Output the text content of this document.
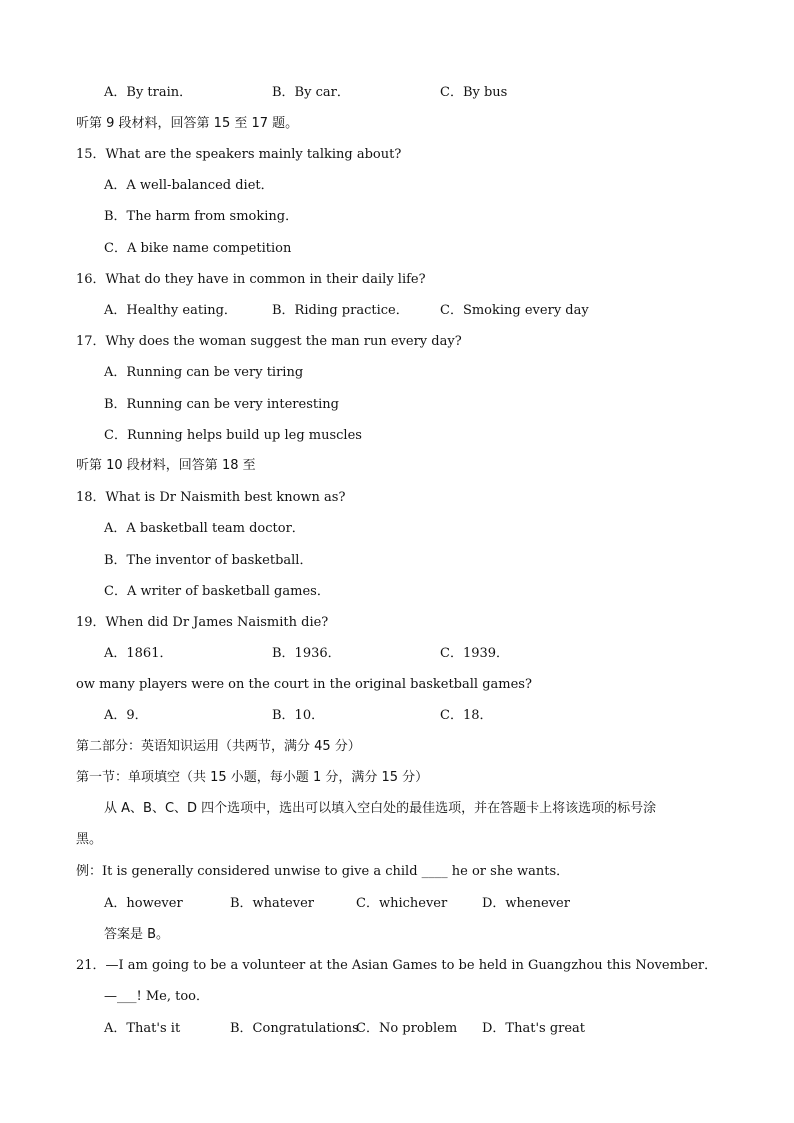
A．By train．	B．By car．	C．By bus
听第 9 段材料，回答第 15 至 17 题。
15．What are the speakers mainly talking about?
A．A well-balanced diet．
B．The harm from smoking．
C．A bike name competition
16．What do they have in common in their daily life?
A．Healthy eating．	B．Riding practice． C．Smoking every day
17．Why does the woman suggest the man run every day?
A．Running can be very tiring
B．Running can be very interesting
C．Running helps build up leg muscles
听第 10 段材料，回答第 18 至
18．What is Dr Naismith best known as?
A．A basketball team doctor．
B．The inventor of basketball．
C．A writer of basketball games．
19．When did Dr James Naismith die?
A．1861．	B．1936．	C．1939．
ow many players were on the court in the original basketball games?
A．9．	B．10．	C．18．
第二部分：英语知识运用（共两节，满分 45 分）
第一节：单项填空（共 15 小题，每小题 1 分，满分 15 分）
从 A、B、C、D 四个选项中，选出可以填入空白处的最佳选项，并在答题卡上将该选项的标号涂
黑。
例：It is generally considered unwise to give a child ____ he or she wants．
A．however	B．whatever	C．whichever	D．whenever
答案是 B。
21．—I am going to be a volunteer at the Asian Games to be held in Guangzhou this November．
—___! Me, too．
A．That's it	B．Congratulations
C．No problem D．That's great
